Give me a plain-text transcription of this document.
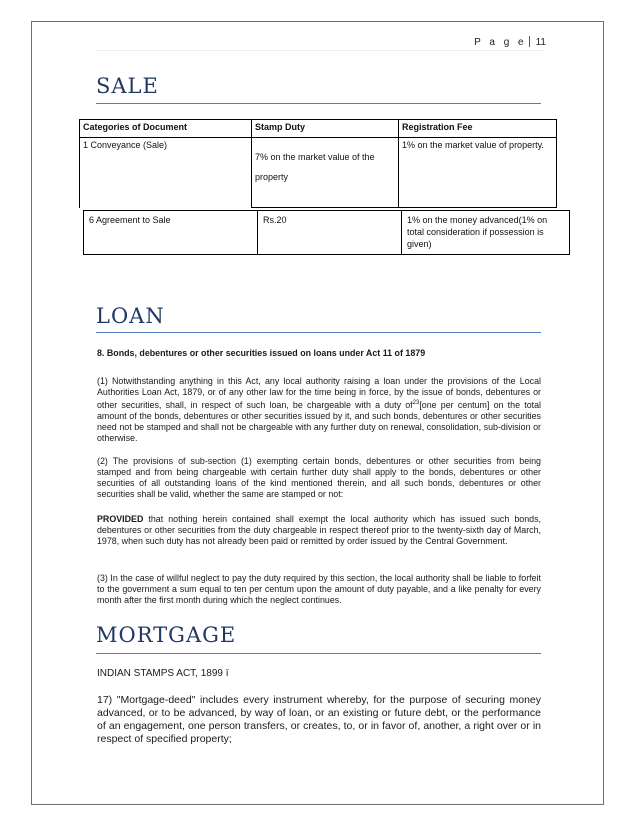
P a g e 11
SALE
Categories of Document	Stamp Duty	Registration Fee
1 Conveyance (Sale)	7% on the market value of the property	1% on the market value of property.
6 Agreement to Sale	Rs.20	1% on the money advanced(1% on total consideration if possession is given)
LOAN
8. Bonds, debentures or other securities issued on loans under Act 11 of 1879
(1) Notwithstanding anything in this Act, any local authority raising a loan under the provisions of the Local Authorities Loan Act, 1879, or of any other law for the time being in force, by the issue of bonds, debentures or other securities, shall, in respect of such loan, be chargeable with a duty $of^{23}[one$ per centum] on the total amount of the bonds, debentures or other securities issued by it, and such bonds, debentures or other securities need not be stamped and shall not be chargeable with any further duty on renewal, consolidation, sub-division or otherwise.
(2) The provisions of sub-section (1) exempting certain bonds, debentures or other securities from being stamped and from being chargeable with certain further duty shall apply to the bonds, debentures or other securities of all outstanding loans of the kind mentioned therein, and all such bonds, debentures or other securities shall be valid, whether the same are stamped or not:
PROVIDED that nothing herein contained shall exempt the local authority which has issued such bonds, debentures or other securities from the duty chargeable in respect thereof prior to the twenty-sixth day of March, 1978, when such duty has not already been paid or remitted by order issued by the Central Government.
(3) In the case of willful neglect to pay the duty required by this section, the local authority shall be liable to forfeit to the government a sum equal to ten per centum upon the amount of duty payable, and a like penalty for every month after the first month during which the neglect continues.
MORTGAGE
INDIAN STAMPS ACT, 1899 ï
17) "Mortgage-deed" includes every instrument whereby, for the purpose of securing money advanced, or to be advanced, by way of loan, or an existing or future debt, or the performance of an engagement, one person transfers, or creates, to, or in favor of, another, a right over or in respect of specified property;
